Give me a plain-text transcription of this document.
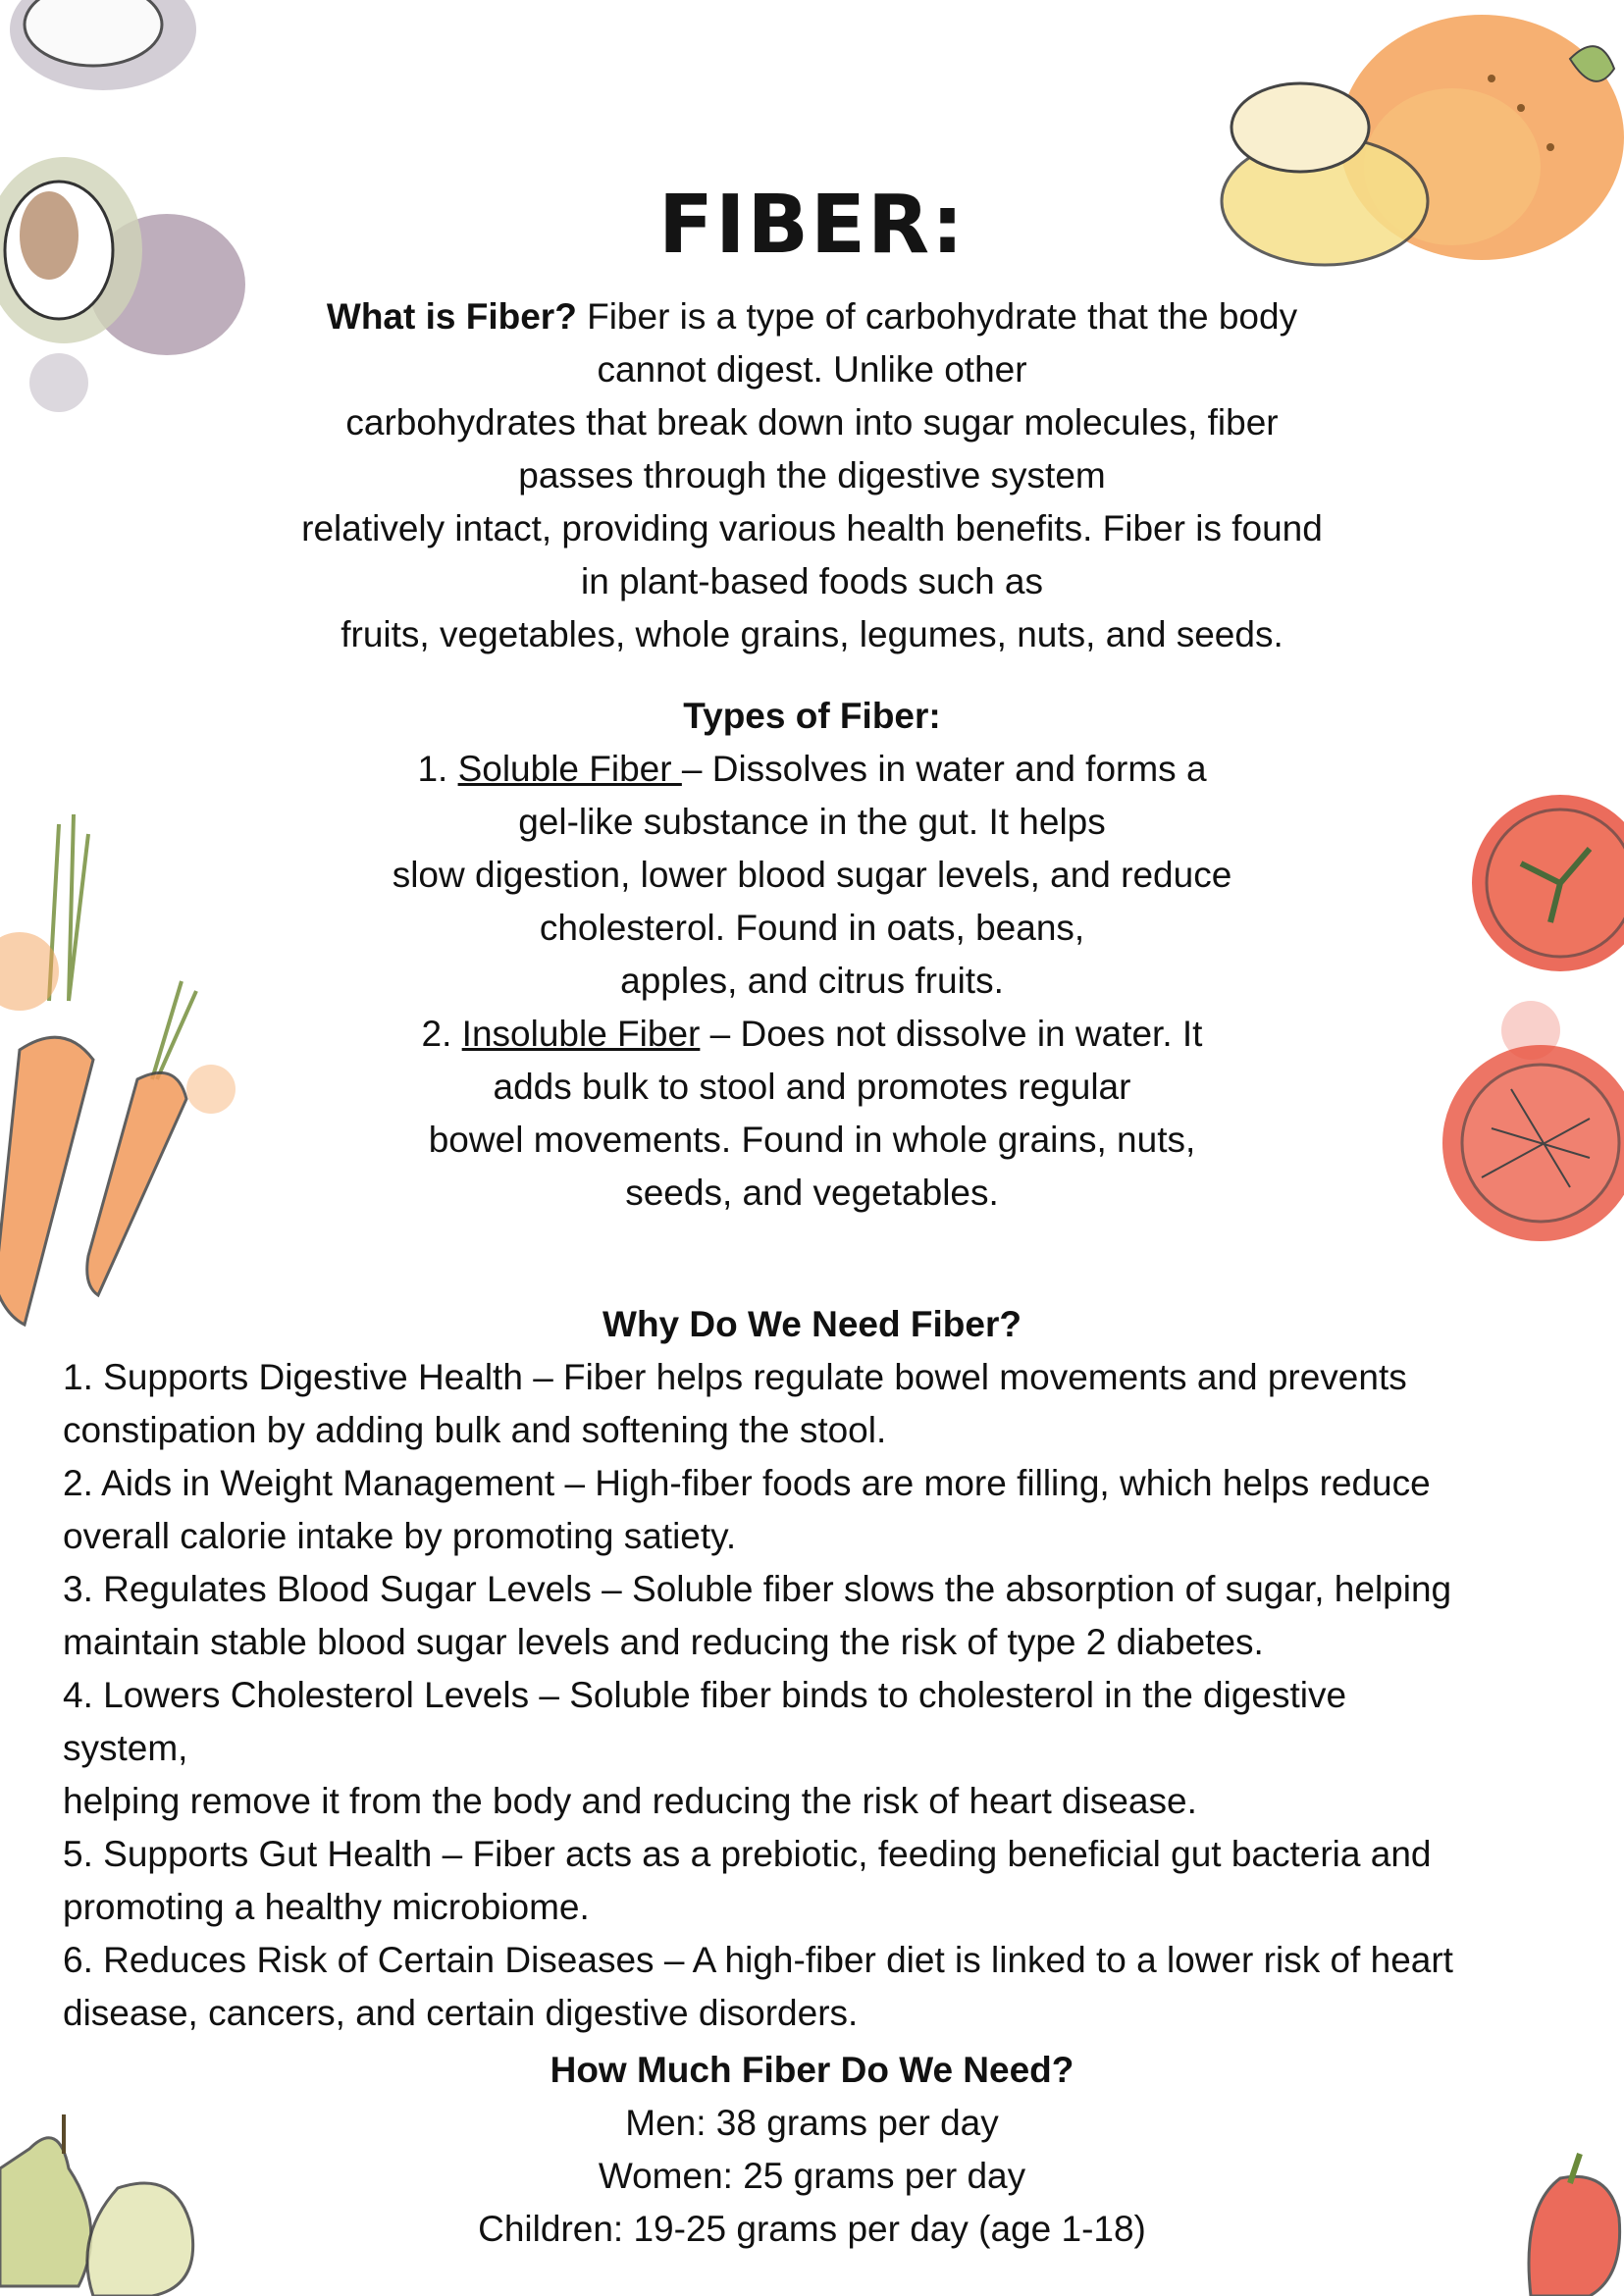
FIBER:

What is Fiber? Fiber is a type of carbohydrate that the body

cannot digest. Unlike other

carbohydrates that break down into sugar molecules, fiber

passes through the digestive system

relatively intact, providing various health benefits. Fiber is found

in plant-based foods such as

fruits, vegetables, whole grains, legumes, nuts, and seeds.

Types of Fiber:

1. Soluble Fiber – Dissolves in water and forms a

gel-like substance in the gut. It helps

slow digestion, lower blood sugar levels, and reduce

cholesterol. Found in oats, beans,

apples, and citrus fruits.

2. Insoluble Fiber – Does not dissolve in water. It

adds bulk to stool and promotes regular

bowel movements. Found in whole grains, nuts,

seeds, and vegetables.

Why Do We Need Fiber?

1. Supports Digestive Health – Fiber helps regulate bowel movements and prevents

constipation by adding bulk and softening the stool.

2. Aids in Weight Management – High-fiber foods are more filling, which helps reduce

overall calorie intake by promoting satiety.

3. Regulates Blood Sugar Levels – Soluble fiber slows the absorption of sugar, helping

maintain stable blood sugar levels and reducing the risk of type 2 diabetes.

4. Lowers Cholesterol Levels – Soluble fiber binds to cholesterol in the digestive

system,

helping remove it from the body and reducing the risk of heart disease.

5. Supports Gut Health – Fiber acts as a prebiotic, feeding beneficial gut bacteria and

promoting a healthy microbiome.

6. Reduces Risk of Certain Diseases – A high-fiber diet is linked to a lower risk of heart

disease, cancers, and certain digestive disorders.

How Much Fiber Do We Need?

Men: 38 grams per day

Women: 25 grams per day

Children: 19-25 grams per day (age 1-18)
